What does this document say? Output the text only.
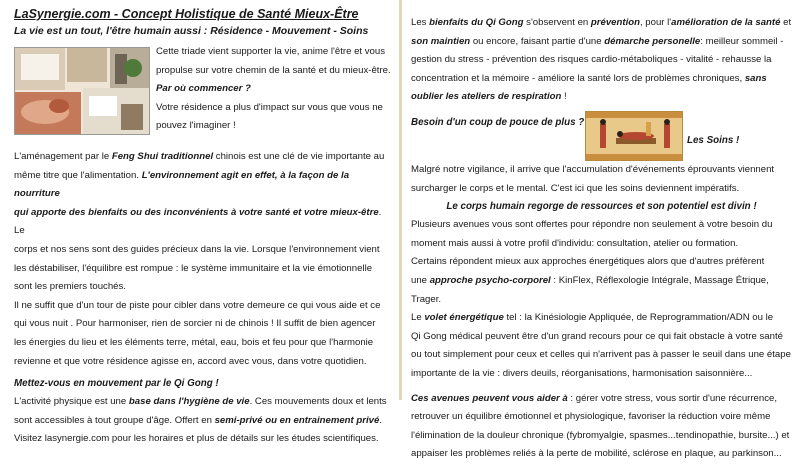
LaSynergie.com - Concept Holistique de Santé Mieux-Être
La vie est un tout, l'être humain aussi : Résidence - Mouvement - Soins

Cette triade vient supporter la vie, anime l'être et vous

propulse sur votre chemin de la santé et du mieux-être.

Par où commencer ?

Votre résidence a plus d'impact sur vous que vous ne

pouvez l'imaginer !

L'aménagement par le Feng Shui traditionnel chinois est une clé de vie importante au

même titre que l'alimentation. L'environnement agit en effet, à la façon de la nourriture

qui apporte des bienfaits ou des inconvénients à votre santé et votre mieux-être. Le

corps et nos sens sont des guides précieux dans la vie. Lorsque l'environnement vient

les déstabiliser, l'équilibre est rompue : le système immunitaire et la vie émotionnelle

sont les premiers touchés.

Il ne suffit que d'un tour de piste pour cibler dans votre demeure ce qui vous aide et ce

qui vous nuit . Pour harmoniser, rien de sorcier ni de chinois ! Il suffit de bien agencer

les énergies du lieu et les éléments terre, métal, eau, bois et feu pour que l'harmonie

revienne et que votre résidence agisse en, accord avec vous, dans votre quotidien.

Mettez-vous en mouvement par le Qi Gong !

L'activité physique est une base dans l'hygiène de vie. Ces mouvements doux et lents

sont accessibles à tout groupe d'âge. Offert en semi-privé ou en entrainement privé.

Visitez lasynergie.com pour les horaires et plus de détails sur les études scientifiques.

Les bienfaits du Qi Gong s'observent en prévention, pour l'amélioration de la santé et

son maintien ou encore, faisant partie d'une démarche personelle: meilleur sommeil -

gestion du stress - prévention des risques cardio-métaboliques - vitalité - rehausse la

concentration et la mémoire - améliore la santé lors de problèmes chroniques, sans

oublier les ateliers de respiration !

Besoin d'un coup de pouce de plus ?
Les Soins !

Malgré notre vigilance, il arrive que l'accumulation d'événements éprouvants viennent

surcharger le corps et le mental. C'est ici que les soins deviennent impératifs.

Le corps humain regorge de ressources et son potentiel est divin !

Plusieurs avenues vous sont offertes pour répondre non seulement à votre besoin du

moment mais aussi à votre profil d'individu: consultation, atelier ou formation.

Certains répondent mieux aux approches énergétiques alors que d'autres préfèrent

une approche psycho-corporel : KinFlex, Réflexologie Intégrale, Massage Étrique, Trager.

Le volet énergétique tel : la Kinésiologie Appliquée, de Reprogrammation/ADN ou le

Qi Gong médical peuvent être d'un grand recours pour ce qui fait obstacle à votre santé

ou tout simplement pour ceux et celles qui n'arrivent pas à passer le seuil dans une étape

importante de la vie : divers deuils, réorganisations, harmonisation saisonnière...

Ces avenues peuvent vous aider à : gérer votre stress, vous sortir d'une récurrence,

retrouver un équilibre émotionnel et physiologique, favoriser la réduction voire même

l'élimination de la douleur chronique (fybromyalgie, spasmes...tendinopathie, bursite...) et

appaiser les problèmes reliés à la perte de mobilité, sclérose en plaque, au parkinson...
